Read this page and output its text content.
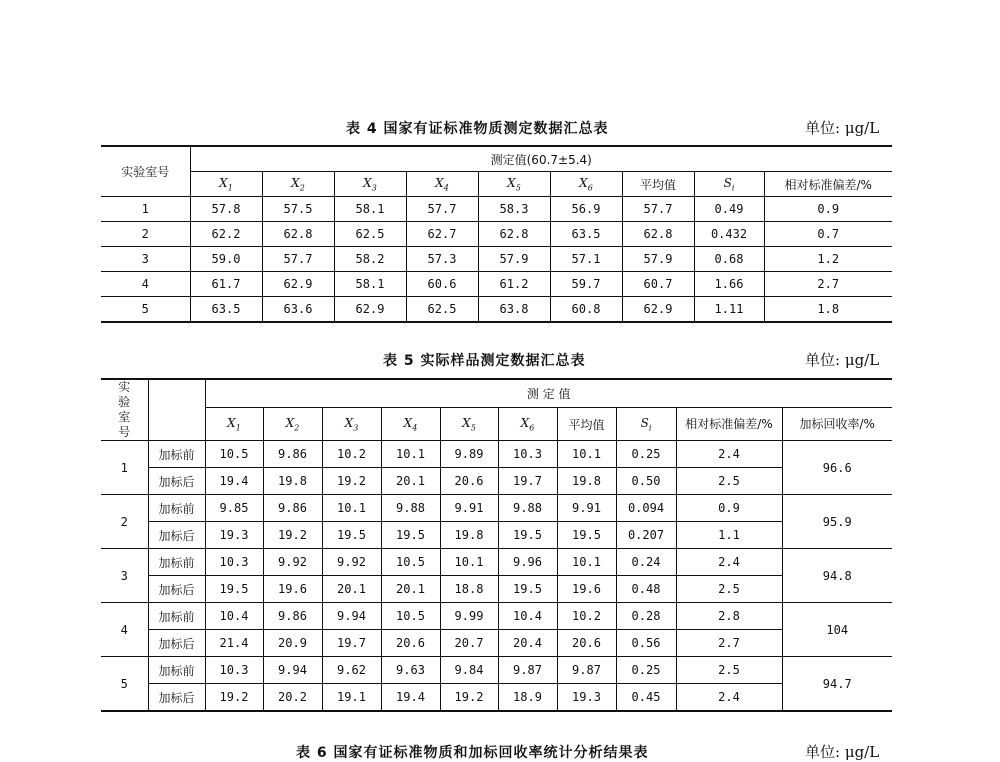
表 4 国家有证标准物质测定数据汇总表	单位: μg/L
实验室号	测定值(60.7±5.4)								
	$X_1$	$X_2$	$X_3$	$X_4$	$X_5$	$X_6$	平均值	$S_i$	相对标准偏差/%
1	57.8	57.5	58.1	57.7	58.3	56.9	57.7	0.49	0.9
2	62.2	62.8	62.5	62.7	62.8	63.5	62.8	0.432	0.7
3	59.0	57.7	58.2	57.3	57.9	57.1	57.9	0.68	1.2
4	61.7	62.9	58.1	60.6	61.2	59.7	60.7	1.66	2.7
5	63.5	63.6	62.9	62.5	63.8	60.8	62.9	1.11	1.8
表 5 实际样品测定数据汇总表	单位: μg/L
实验室号		测 定 值									
		$X_1$	$X_2$	$X_3$	$X_4$	$X_5$	$X_6$	平均值	$S_i$	相对标准偏差/%	加标回收率/%
1	加标前	10.5	9.86	10.2	10.1	9.89	10.3	10.1	0.25	2.4	96.6
	加标后	19.4	19.8	19.2	20.1	20.6	19.7	19.8	0.50	2.5	
2	加标前	9.85	9.86	10.1	9.88	9.91	9.88	9.91	0.094	0.9	95.9
	加标后	19.3	19.2	19.5	19.5	19.8	19.5	19.5	0.207	1.1	
3	加标前	10.3	9.92	9.92	10.5	10.1	9.96	10.1	0.24	2.4	94.8
	加标后	19.5	19.6	20.1	20.1	18.8	19.5	19.6	0.48	2.5	
4	加标前	10.4	9.86	9.94	10.5	9.99	10.4	10.2	0.28	2.8	104
	加标后	21.4	20.9	19.7	20.6	20.7	20.4	20.6	0.56	2.7	
5	加标前	10.3	9.94	9.62	9.63	9.84	9.87	9.87	0.25	2.5	94.7
	加标后	19.2	20.2	19.1	19.4	19.2	18.9	19.3	0.45	2.4	
表 6 国家有证标准物质和加标回收率统计分析结果表	单位: μg/L
